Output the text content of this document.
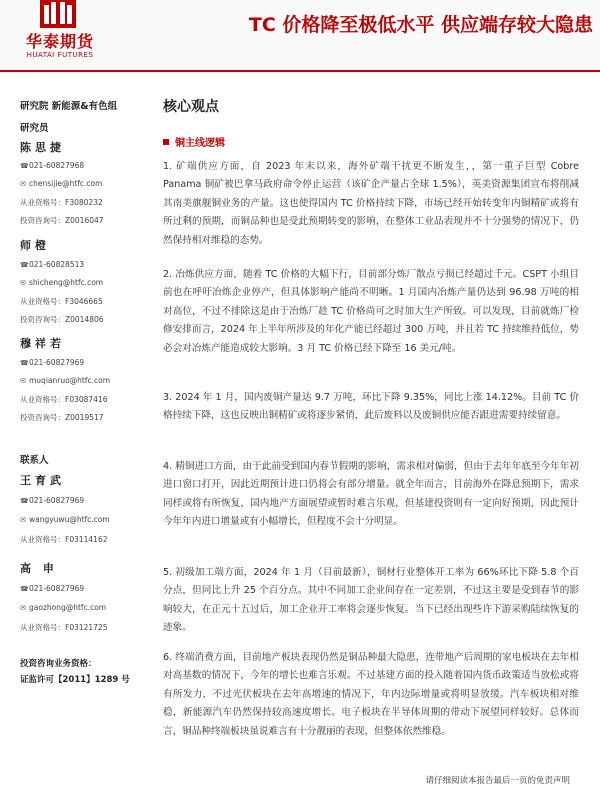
华泰期货
HUATAI FUTURES
TC 价格降至极低水平 供应端存较大隐患
研究院 新能源&有色组
研究员
陈思捷
☎021-60827968
✉ chensijie@htfc.com
从业资格号：F3080232
投资咨询号：Z0016047
师橙
☎021-60828513
✉ shicheng@htfc.com
从业资格号：F3046665
投资咨询号：Z0014806
穆祥若
☎021-60827969
✉ muqianruo@htfc.com
从业资格号：F03087416
投资咨询号：Z0019517
联系人
王育武
☎021-60827969
✉ wangyuwu@htfc.com
从业资格号：F03114162
高 申
☎021-60827969
✉ gaozhong@htfc.com
从业资格号：F03121725
投资咨询业务资格：
证监许可【2011】1289 号
核心观点
铜主线逻辑
1. 矿端供应方面，自 2023 年末以来，海外矿端干扰更不断发生，，第一重子巨型 Cobre Panama 铜矿被巴拿马政府命令停止运营（该矿企产量占全球 1.5%），英美资源集团宣布将削减其南美旗舰铜业务的产量。这也使得国内 TC 价格持续下降，市场已经开始转变年内铜精矿或将有所过剩的预期，而铜品种也是受此预期转变的影响，在整体工业品表现并不十分强势的情况下，仍然保持相对维稳的态势。
2. 冶炼供应方面，随着 TC 价格的大幅下行，目前部分炼厂散点亏损已经超过千元。CSPT 小组目前也在呼吁冶炼企业停产，但具体影响产能尚不明晰。1 月国内冶炼产量仍达到 96.98 万吨的相对高位，不过不排除这是由于冶炼厂趁 TC 价格尚可之时加大生产所致。可以发现，目前就炼厂检修安排而言，2024 年上半年所涉及的年化产能已经超过 300 万吨，并且若 TC 持续维持低位，势必会对冶炼产能造成较大影响。3 月 TC 价格已经下降至 16 美元/吨。
3. 2024 年 1 月，国内废铜产量达 9.7 万吨，环比下降 9.35%，同比上涨 14.12%。目前 TC 价格持续下降，这也反映出铜精矿或将逐步紧俏，此后废料以及废铜供应能否跟进需要持续留意。
4. 精铜进口方面，由于此前受到国内春节假期的影响，需求相对偏弱，但由于去年年底至今年年初进口窗口打开，因此近期预计进口仍将会有部分增量。就全年而言，目前海外在降息预期下，需求同样或将有所恢复，国内地产方面展望或暂时难言乐观，但基建投资则有一定向好预期，因此预计今年年内进口增量或有小幅增长，但程度不会十分明显。
5. 初级加工端方面，2024 年 1 月（目前最新），铜材行业整体开工率为 66%环比下降 5.8 个百分点，但同比上升 25 个百分点。其中不同加工企业间存在一定差别，不过这主要是受到春节的影响较大，在正元十五过后，加工企业开工率将会逐步恢复。当下已经出现些许下游采购陆续恢复的迹象。
6. 终端消费方面，目前地产板块表现仍然是铜品种最大隐患，连带地产后周期的家电板块在去年相对高基数的情况下，今年的增长也难言乐观。不过基建方面的投入随着国内货币政策适当放松或将有所发力，不过光伏板块在去年高增速的情况下，年内边际增量或将明显放缓。汽车板块相对维稳，新能源汽车仍然保持较高速度增长。电子板块在半导体周期的带动下展望同样较好。总体而言，铜品种终端板块虽说难言有十分靓丽的表现，但整体依然维稳。
请仔细阅读本报告最后一页的免责声明
